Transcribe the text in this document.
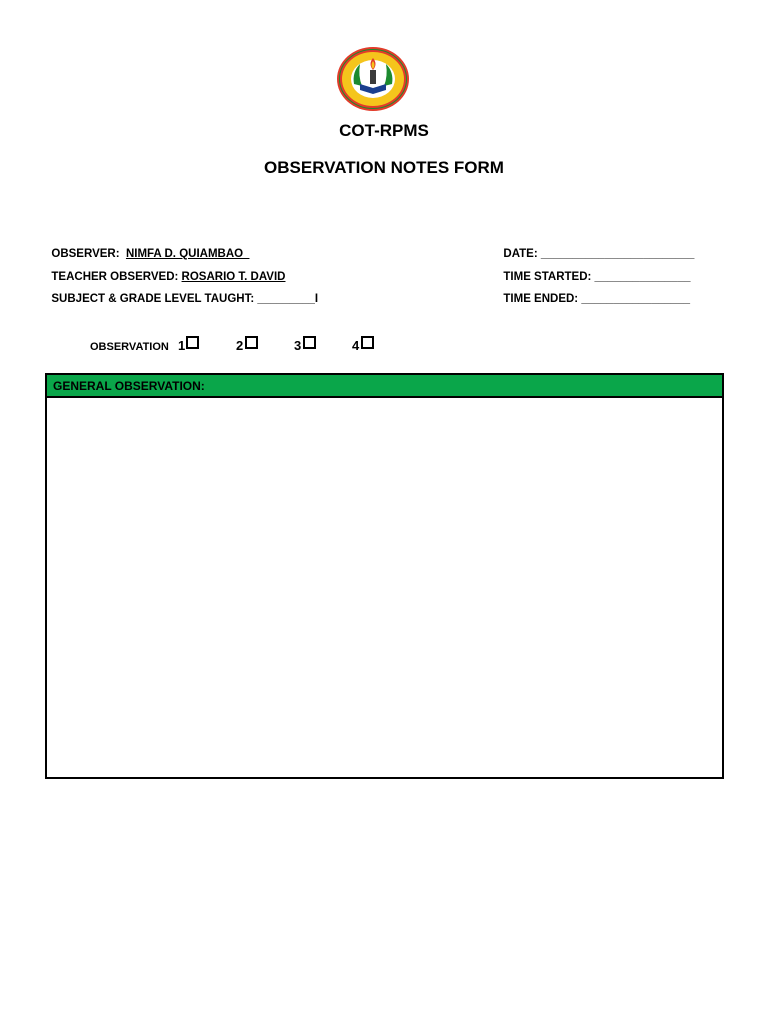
COT-RPMS
OBSERVATION NOTES FORM

OBSERVER: NIMFA D. QUIAMBAO

TEACHER OBSERVED: ROSARIO T. DAVID

SUBJECT & GRADE LEVEL TAUGHT: _________I

DATE: ________________________

TIME STARTED: _______________

TIME ENDED: _________________

OBSERVATION 1	2	3	4
GENERAL OBSERVATION:
